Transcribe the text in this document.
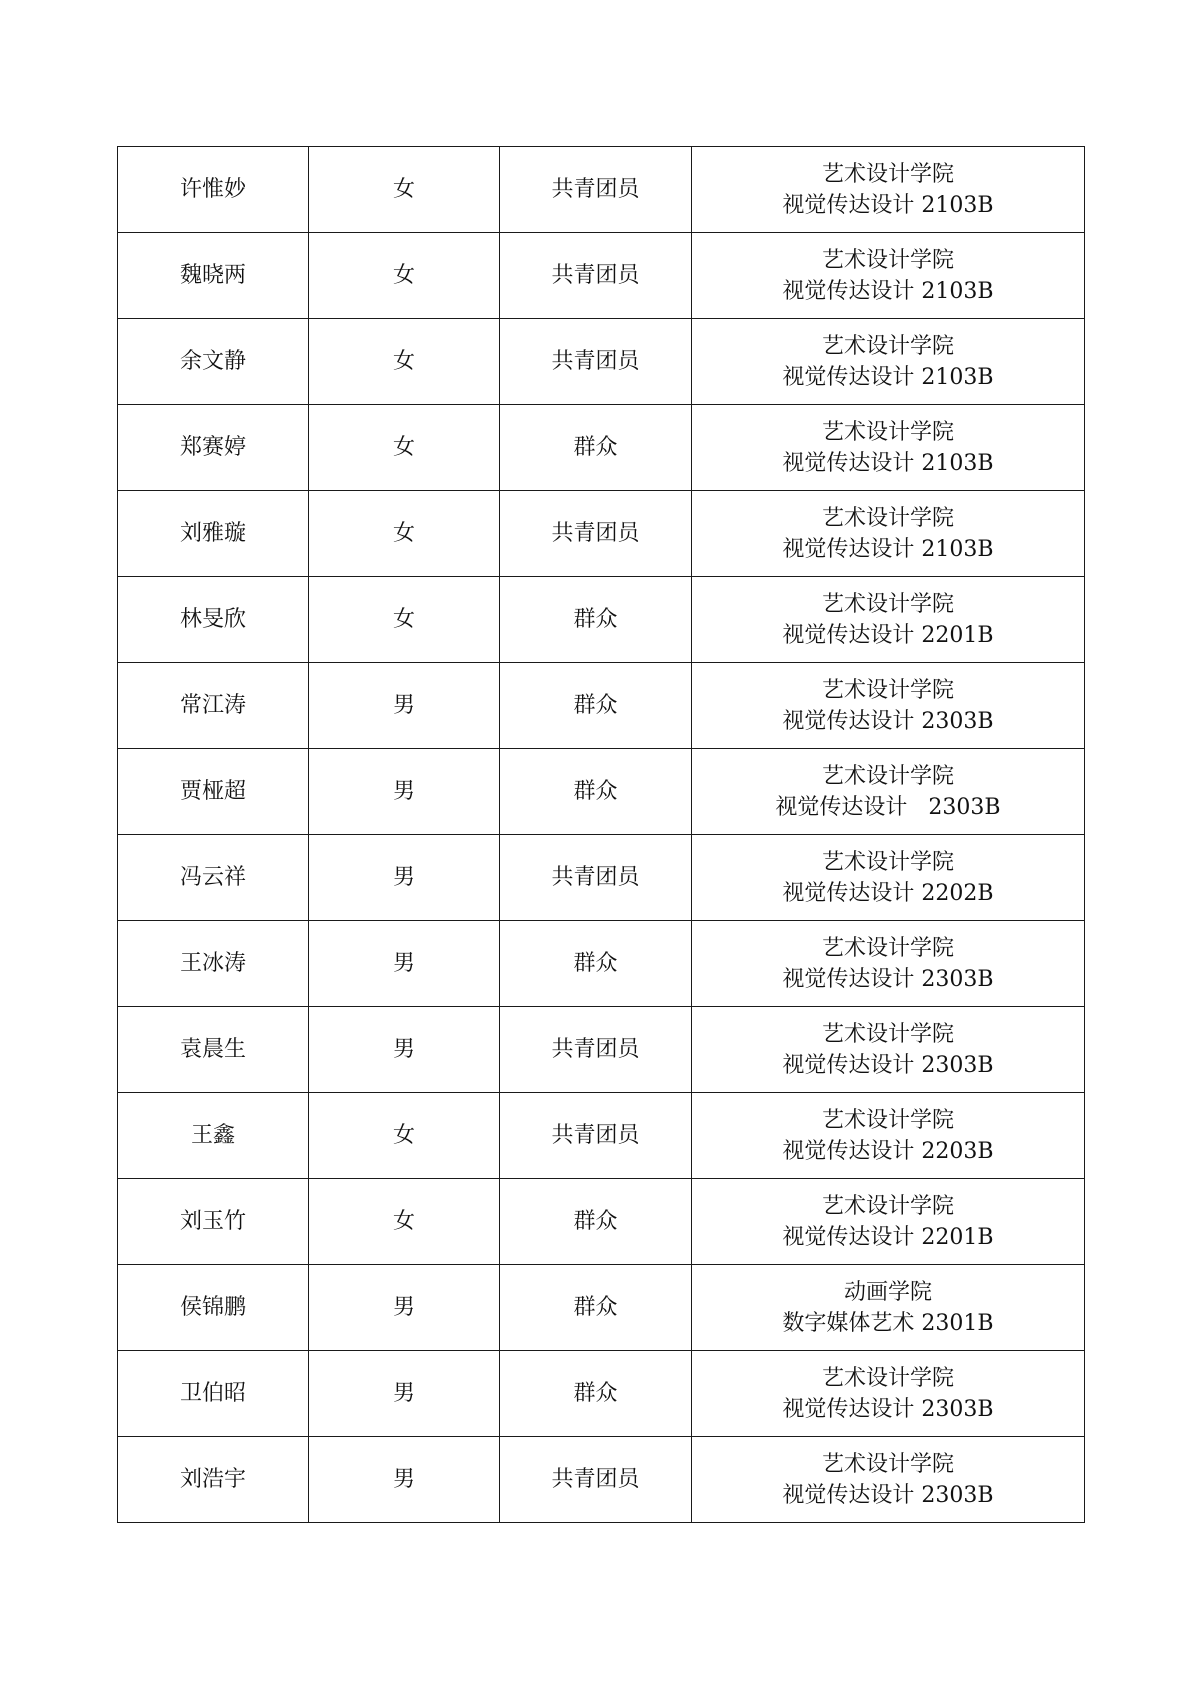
许惟妙	女	共青团员	艺术设计学院
视觉传达设计 2103B

魏晓两	女	共青团员	艺术设计学院
视觉传达设计 2103B

余文静	女	共青团员	艺术设计学院
视觉传达设计 2103B

郑赛婷	女	群众	艺术设计学院
视觉传达设计 2103B

刘雅璇	女	共青团员	艺术设计学院
视觉传达设计 2103B

林旻欣	女	群众	艺术设计学院
视觉传达设计 2201B

常江涛	男	群众	艺术设计学院
视觉传达设计 2303B

贾桠超	男	群众	艺术设计学院
视觉传达设计   2303B

冯云祥	男	共青团员	艺术设计学院
视觉传达设计 2202B

王冰涛	男	群众	艺术设计学院
视觉传达设计 2303B

袁晨生	男	共青团员	艺术设计学院
视觉传达设计 2303B

王鑫	女	共青团员	艺术设计学院
视觉传达设计 2203B

刘玉竹	女	群众	艺术设计学院
视觉传达设计 2201B

侯锦鹏	男	群众	动画学院
数字媒体艺术 2301B

卫伯昭	男	群众	艺术设计学院
视觉传达设计 2303B

刘浩宇	男	共青团员	艺术设计学院
视觉传达设计 2303B
